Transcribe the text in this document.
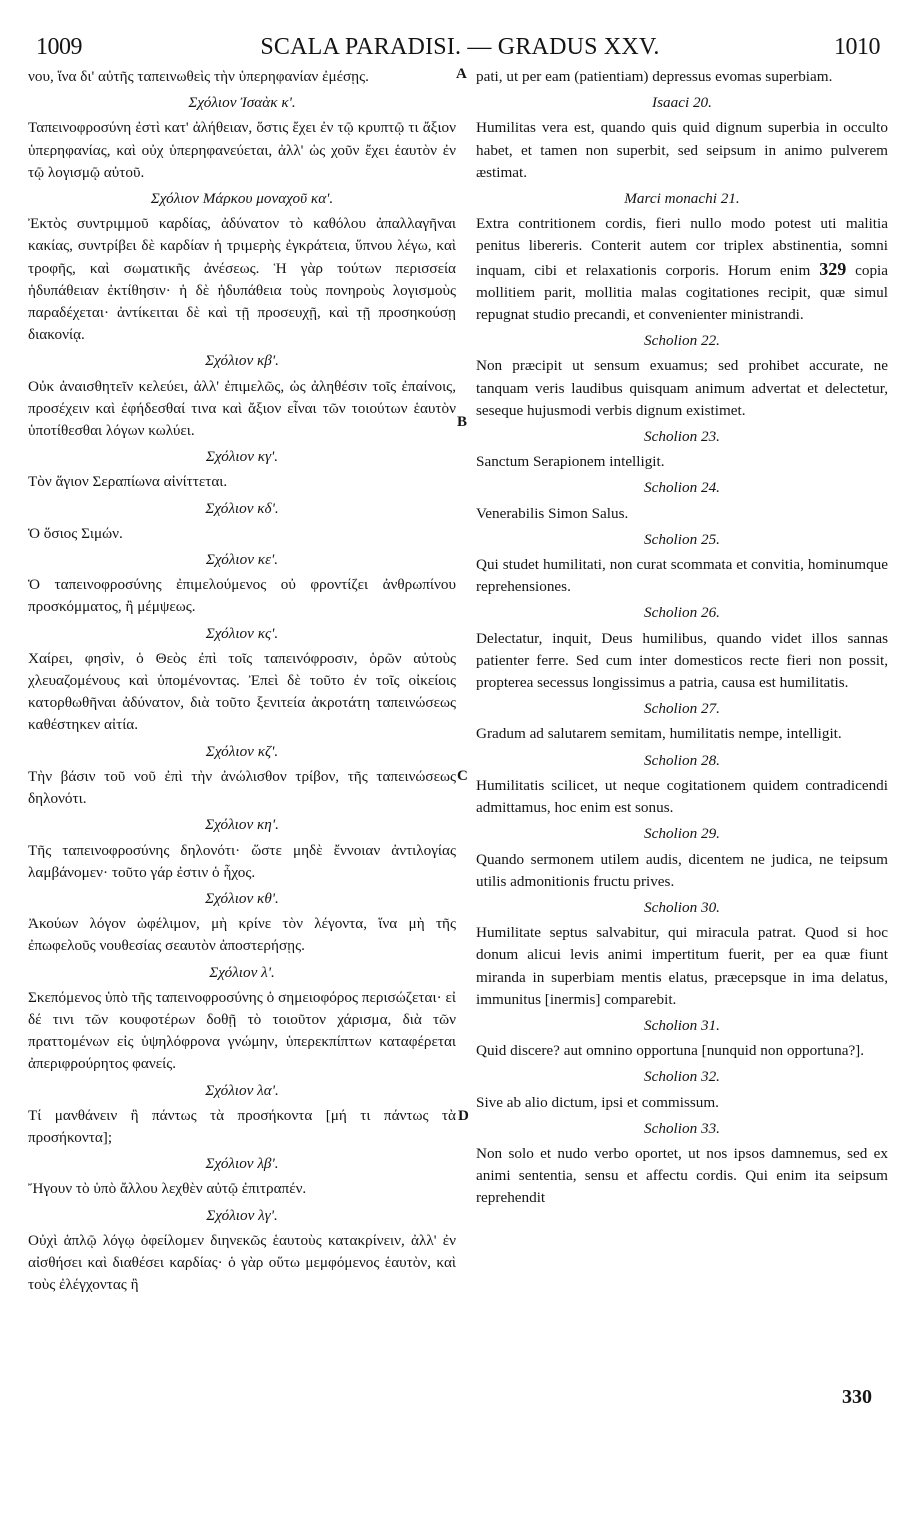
1009	SCALA PARADISI. — GRADUS XXV.	1010
A
B
C
D
νου, ἵνα δι' αὐτῆς ταπεινωθεὶς τὴν ὑπερηφανίαν ἐμέσῃς.
Σχόλιον Ἰσαὰκ κ'.
Ταπεινοφροσύνη ἐστὶ κατ' ἀλήθειαν, ὅστις ἔχει ἐν τῷ κρυπτῷ τι ἄξιον ὑπερηφανίας, καὶ οὐχ ὑπερηφανεύεται, ἀλλ' ὡς χοῦν ἔχει ἑαυτὸν ἐν τῷ λογισμῷ αὐτοῦ.
Σχόλιον Μάρκου μοναχοῦ κα'.
Ἐκτὸς συντριμμοῦ καρδίας, ἀδύνατον τὸ καθόλου ἀπαλλαγῆναι κακίας, συντρίβει δὲ καρδίαν ἡ τριμερὴς ἐγκράτεια, ὕπνου λέγω, καὶ τροφῆς, καὶ σωματικῆς ἀνέσεως. Ἡ γὰρ τούτων περισσεία ἡδυπάθειαν ἐκτίθησιν· ἡ δὲ ἡδυπάθεια τοὺς πονηροὺς λογισμοὺς παραδέχεται· ἀντίκειται δὲ καὶ τῇ προσευχῇ, καὶ τῇ προσηκούσῃ διακονίᾳ.
Σχόλιον κβ'.
Οὐκ ἀναισθητεῖν κελεύει, ἀλλ' ἐπιμελῶς, ὡς ἀληθέσιν τοῖς ἐπαίνοις, προσέχειν καὶ ἐφήδεσθαί τινα καὶ ἄξιον εἶναι τῶν τοιούτων ἑαυτὸν ὑποτίθεσθαι λόγων κωλύει.
Σχόλιον κγ'.
Τὸν ἅγιον Σεραπίωνα αἰνίττεται.
Σχόλιον κδ'.
Ὁ ὅσιος Σιμών.
Σχόλιον κε'.
Ὁ ταπεινοφροσύνης ἐπιμελούμενος οὐ φροντίζει ἀνθρωπίνου προσκόμματος, ἢ μέμψεως.
Σχόλιον κς'.
Χαίρει, φησὶν, ὁ Θεὸς ἐπὶ τοῖς ταπεινόφροσιν, ὁρῶν αὐτοὺς χλευαζομένους καὶ ὑπομένοντας. Ἐπεὶ δὲ τοῦτο ἐν τοῖς οἰκείοις κατορθωθῆναι ἀδύνατον, διὰ τοῦτο ξενιτεία ἀκροτάτη ταπεινώσεως καθέστηκεν αἰτία.
Σχόλιον κζ'.
Τὴν βάσιν τοῦ νοῦ ἐπὶ τὴν ἀνώλισθον τρίβον, τῆς ταπεινώσεως δηλονότι.
Σχόλιον κη'.
Τῆς ταπεινοφροσύνης δηλονότι· ὥστε μηδὲ ἔννοιαν ἀντιλογίας λαμβάνομεν· τοῦτο γάρ ἐστιν ὁ ἦχος.
Σχόλιον κθ'.
Ἀκούων λόγον ὠφέλιμον, μὴ κρίνε τὸν λέγοντα, ἵνα μὴ τῆς ἐπωφελοῦς νουθεσίας σεαυτὸν ἀποστερήσῃς.
Σχόλιον λ'.
Σκεπόμενος ὑπὸ τῆς ταπεινοφροσύνης ὁ σημειοφόρος περισώζεται· εἰ δέ τινι τῶν κουφοτέρων δοθῇ τὸ τοιοῦτον χάρισμα, διὰ τῶν πραττομένων εἰς ὑψηλόφρονα γνώμην, ὑπερεκπίπτων καταφέρεται ἀπεριφρούρητος φανείς.
Σχόλιον λα'.
Τί μανθάνειν ἢ πάντως τὰ προσήκοντα [μή τι πάντως τὰ προσήκοντα];
Σχόλιον λβ'.
Ἤγουν τὸ ὑπὸ ἄλλου λεχθὲν αὐτῷ ἐπιτραπέν.
Σχόλιον λγ'.
Οὐχὶ ἁπλῷ λόγῳ ὀφείλομεν διηνεκῶς ἑαυτοὺς κατακρίνειν, ἀλλ' ἐν αἰσθήσει καὶ διαθέσει καρδίας· ὁ γὰρ οὕτω μεμφόμενος ἑαυτὸν, καὶ τοὺς ἐλέγχοντας ἢ
pati, ut per eam (patientiam) depressus evomas superbiam.
Isaaci 20.
Humilitas vera est, quando quis quid dignum superbia in occulto habet, et tamen non superbit, sed seipsum in animo pulverem æstimat.
Marci monachi 21.
Extra contritionem cordis, fieri nullo modo potest uti malitia penitus libereris. Conterit autem cor triplex abstinentia, somni inquam, cibi et relaxationis corporis. Horum enim 329 copia mollitiem parit, mollitia malas cogitationes recipit, quæ simul repugnat studio precandi, et convenienter ministrandi.
Scholion 22.
Non præcipit ut sensum exuamus; sed prohibet accurate, ne tanquam veris laudibus quisquam animum advertat et delectetur, seseque hujusmodi verbis dignum existimet.
Scholion 23.
Sanctum Serapionem intelligit.
Scholion 24.
Venerabilis Simon Salus.
Scholion 25.
Qui studet humilitati, non curat scommata et convitia, hominumque reprehensiones.
Scholion 26.
Delectatur, inquit, Deus humilibus, quando videt illos sannas patienter ferre. Sed cum inter domesticos recte fieri non possit, propterea secessus longissimus a patria, causa est humilitatis.
Scholion 27.
Gradum ad salutarem semitam, humilitatis nempe, intelligit.
Scholion 28.
Humilitatis scilicet, ut neque cogitationem quidem contradicendi admittamus, hoc enim est sonus.
Scholion 29.
Quando sermonem utilem audis, dicentem ne judica, ne teipsum utilis admonitionis fructu prives.
Scholion 30.
Humilitate septus salvabitur, qui miracula patrat. Quod si hoc donum alicui levis animi impertitum fuerit, per ea quæ fiunt miranda in superbiam mentis elatus, præcepsque in ima delatus, immunitus [inermis] comparebit.
Scholion 31.
Quid discere? aut omnino opportuna [nunquid non opportuna?].
Scholion 32.
Sive ab alio dictum, ipsi et commissum.
Scholion 33.
Non solo et nudo verbo oportet, ut nos ipsos damnemus, sed ex animi sententia, sensu et affectu cordis. Qui enim ita seipsum reprehendit
330
